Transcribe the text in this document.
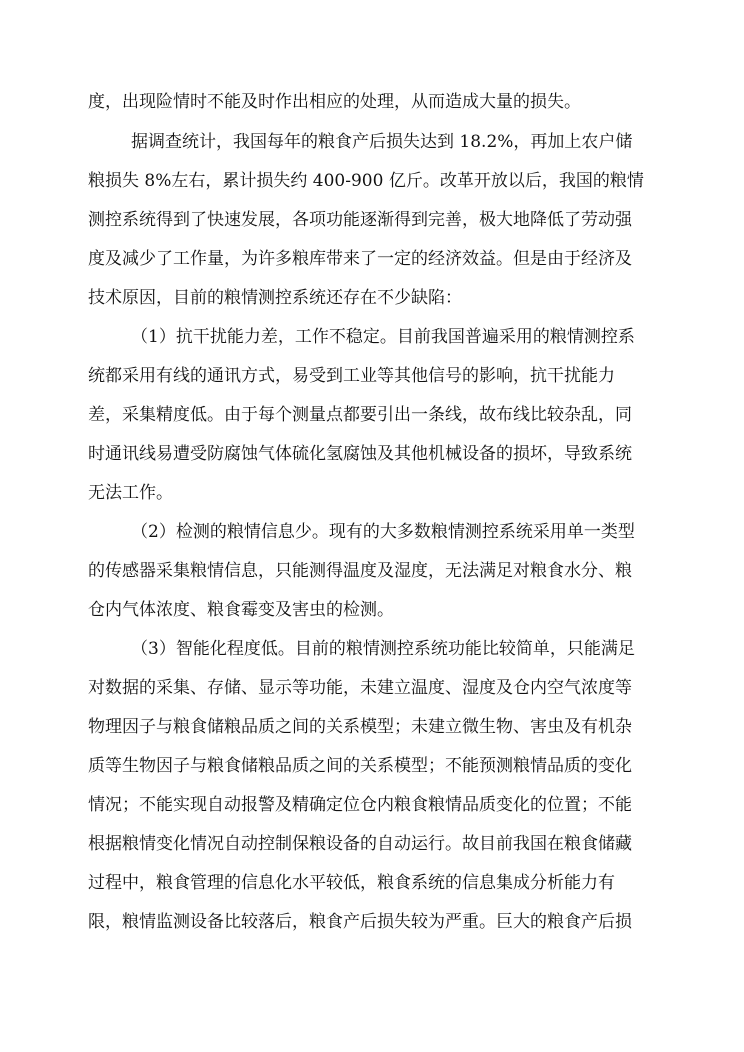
度，出现险情时不能及时作出相应的处理，从而造成大量的损失。
据调查统计，我国每年的粮食产后损失达到 18.2%，再加上农户储
粮损失 8%左右，累计损失约 400-900 亿斤。改革开放以后，我国的粮情
测控系统得到了快速发展，各项功能逐渐得到完善，极大地降低了劳动强
度及减少了工作量，为许多粮库带来了一定的经济效益。但是由于经济及
技术原因，目前的粮情测控系统还存在不少缺陷：
（1）抗干扰能力差，工作不稳定。目前我国普遍采用的粮情测控系
统都采用有线的通讯方式，易受到工业等其他信号的影响，抗干扰能力
差，采集精度低。由于每个测量点都要引出一条线，故布线比较杂乱，同
时通讯线易遭受防腐蚀气体硫化氢腐蚀及其他机械设备的损坏，导致系统
无法工作。
（2）检测的粮情信息少。现有的大多数粮情测控系统采用单一类型
的传感器采集粮情信息，只能测得温度及湿度，无法满足对粮食水分、粮
仓内气体浓度、粮食霉变及害虫的检测。
（3）智能化程度低。目前的粮情测控系统功能比较简单，只能满足
对数据的采集、存储、显示等功能，未建立温度、湿度及仓内空气浓度等
物理因子与粮食储粮品质之间的关系模型；未建立微生物、害虫及有机杂
质等生物因子与粮食储粮品质之间的关系模型；不能预测粮情品质的变化
情况；不能实现自动报警及精确定位仓内粮食粮情品质变化的位置；不能
根据粮情变化情况自动控制保粮设备的自动运行。故目前我国在粮食储藏
过程中，粮食管理的信息化水平较低，粮食系统的信息集成分析能力有
限，粮情监测设备比较落后，粮食产后损失较为严重。巨大的粮食产后损
